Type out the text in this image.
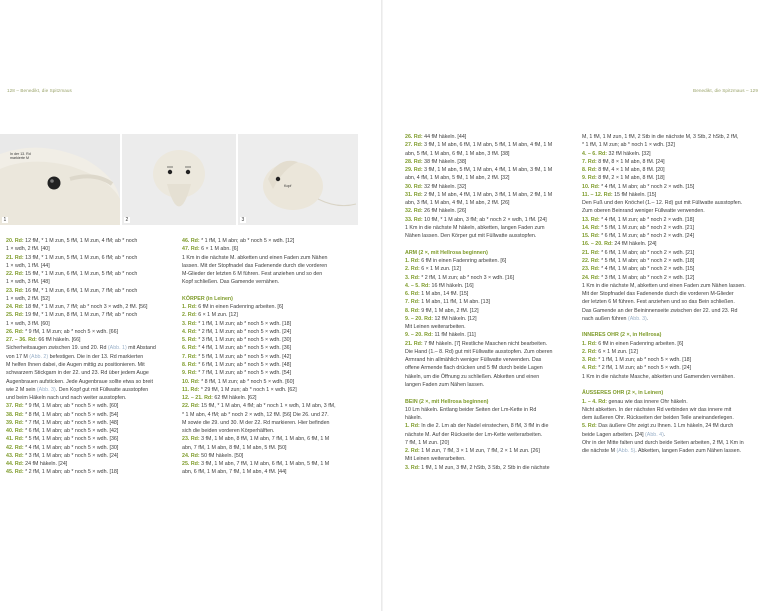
128 – Benedikt, die Spitzmaus
In der 13. Rd markierte M
1	2
Kopf
3

20. Rd: 12 fM, * 1 M zun, 5 fM, 1 M zun, 4 fM; ab * noch

1 × wdh, 2 fM. [40]

21. Rd: 13 fM, * 1 M zun, 5 fM, 1 M zun, 6 fM; ab * noch

1 × wdh, 1 fM. [44]

22. Rd: 15 fM, * 1 M zun, 6 fM, 1 M zun, 5 fM; ab * noch

1 × wdh, 3 fM. [48]

23. Rd: 16 fM, * 1 M zun, 6 fM, 1 M zun, 7 fM; ab * noch

1 × wdh, 2 fM. [52]

24. Rd: 18 fM, * 1 M zun, 7 fM; ab * noch 3 × wdh, 2 fM. [56]

25. Rd: 19 fM, * 1 M zun, 8 fM, 1 M zun, 7 fM; ab * noch

1 × wdh, 3 fM. [60]

26. Rd: * 9 fM, 1 M zun; ab * noch 5 × wdh. [66]

27. – 36. Rd: 66 fM häkeln. [66]

Sicherheitsaugen zwischen 19. und 20. Rd (Abb. 1) mit Abstand

von 17 M (Abb. 2) befestigen. Die in der 13. Rd markierten

M helfen Ihnen dabei, die Augen mittig zu positionieren. Mit

schwarzem Stickgarn in der 22. und 23. Rd über jedem Auge

Augenbrauen aufsticken. Jede Augenbraue sollte etwa so breit

wie 2 M sein (Abb. 3). Den Kopf gut mit Füllwatte ausstopfen

und beim Häkeln nach und nach weiter ausstopfen.

37. Rd: * 9 fM, 1 M abn; ab * noch 5 × wdh. [60]

38. Rd: * 8 fM, 1 M abn; ab * noch 5 × wdh. [54]

39. Rd: * 7 fM, 1 M abn; ab * noch 5 × wdh. [48]

40. Rd: * 6 fM, 1 M abn; ab * noch 5 × wdh. [42]

41. Rd: * 5 fM, 1 M abn; ab * noch 5 × wdh. [36]

42. Rd: * 4 fM, 1 M abn; ab * noch 5 × wdh. [30]

43. Rd: * 3 fM, 1 M abn; ab * noch 5 × wdh. [24]

44. Rd: 24 fM häkeln. [24]

45. Rd: * 2 fM, 1 M abn; ab * noch 5 × wdh. [18]

46. Rd: * 1 fM, 1 M abn; ab * noch 5 × wdh. [12]

47. Rd: 6 × 1 M abn. [6]

1 Km in die nächste M. abketten und einen Faden zum Nähen

lassen. Mit der Stopfnadel das Fadenende durch die vorderen

M-Glieder der letzten 6 M führen. Fest anziehen und so den

Kopf schließen. Das Gamende vernähen.

KÖRPER (in Leinen)

1. Rd: 6 fM in einen Fadenring arbeiten. [6]

2. Rd: 6 × 1 M zun. [12]

3. Rd: * 1 fM, 1 M zun; ab * noch 5 × wdh. [18]

4. Rd: * 2 fM, 1 M zun; ab * noch 5 × wdh. [24]

5. Rd: * 3 fM, 1 M zun; ab * noch 5 × wdh. [30]

6. Rd: * 4 fM, 1 M zun; ab * noch 5 × wdh. [36]

7. Rd: * 5 fM, 1 M zun; ab * noch 5 × wdh. [42]

8. Rd: * 6 fM, 1 M zun; ab * noch 5 × wdh. [48]

9. Rd: * 7 fM, 1 M zun; ab * noch 5 × wdh. [54]

10. Rd: * 8 fM, 1 M zun; ab * noch 5 × wdh. [60]

11. Rd: * 29 fM, 1 M zun; ab * noch 1 × wdh. [62]

12. – 21. Rd: 62 fM häkeln. [62]

22. Rd: 15 fM, * 1 M abn, 4 fM; ab * noch 1 × wdh, 1 M abn, 3 fM,

* 1 M abn, 4 fM; ab * noch 2 × wdh, 12 fM. [56] Die 26. und 27.

M sowie die 29. und 30. M der 22. Rd markieren. Hier befinden

sich die beiden vorderen Körperhälften.

23. Rd: 3 fM, 1 M abn, 8 fM, 1 M abn, 7 fM, 1 M abn, 6 fM, 1 M

abn, 7 fM, 1 M abn, 8 fM, 1 M abn, 5 fM. [50]

24. Rd: 50 fM häkeln. [50]

25. Rd: 3 fM, 1 M abn, 7 fM, 1 M abn, 6 fM, 1 M abn, 5 fM, 1 M

abn, 6 fM, 1 M abn, 7 fM, 1 M abn, 4 fM. [44]

Benedikt, die Spitzmaus – 129

26. Rd: 44 fM häkeln. [44]

27. Rd: 3 fM, 1 M abn, 6 fM, 1 M abn, 5 fM, 1 M abn, 4 fM, 1 M

abn, 5 fM, 1 M abn, 6 fM, 1 M abn, 3 fM. [38]

28. Rd: 38 fM häkeln. [38]

29. Rd: 3 fM, 1 M abn, 5 fM, 1 M abn, 4 fM, 1 M abn, 3 fM, 1 M

abn, 4 fM, 1 M abn, 5 fM, 1 M abn, 2 fM. [32]

30. Rd: 32 fM häkeln. [32]

31. Rd: 2 fM, 1 M abn, 4 fM, 1 M abn, 3 fM, 1 M abn, 2 fM, 1 M

abn, 3 fM, 1 M abn, 4 fM, 1 M abn, 2 fM. [26]

32. Rd: 26 fM häkeln. [26]

33. Rd: 10 fM, * 1 M abn, 3 fM; ab * noch 2 × wdh, 1 fM. [24]

1 Km in die nächste M häkeln, abketten, langen Faden zum

Nähen lassen. Den Körper gut mit Füllwatte ausstopfen.

ARM (2 ×, mit Hellrosa beginnen)

1. Rd: 6 fM in einen Fadenring arbeiten. [6]

2. Rd: 6 × 1 M zun. [12]

3. Rd: * 2 fM, 1 M zun; ab * noch 3 × wdh. [16]

4. – 5. Rd: 16 fM häkeln. [16]

6. Rd: 1 M abn, 14 fM. [15]

7. Rd: 1 M abn, 11 fM, 1 M abn. [13]

8. Rd: 9 fM, 1 M abn, 2 fM. [12]

9. – 20. Rd: 12 fM häkeln. [12]

Mit Leinen weiterarbeiten.

9. – 20. Rd: 11 fM häkeln. [11]

21. Rd: 7 fM häkeln. [7] Restliche Maschen nicht bearbeiten.

Die Hand (1.– 8. Rd) gut mit Füllwatte ausstopfen. Zum oberen

Armrand hin allmählich weniger Füllwatte verwenden. Das

offene Armende flach drücken und 5 fM durch beide Lagen

häkeln, um die Öffnung zu schließen. Abketten und einen

langen Faden zum Nähen lassen.

BEIN (2 ×, mit Hellrosa beginnen)

10 Lm häkeln. Entlang beider Seiten der Lm-Kette in Rd

häkeln.

1. Rd: In die 2. Lm ab der Nadel einstechen, 8 fM, 3 fM in die

nächste M. Auf der Rückseite der Lm-Kette weiterarbeiten.

7 fM, 1 M zun. [20]

2. Rd: 1 M zun, 7 fM, 3 × 1 M zun, 7 fM, 2 × 1 M zun. [26]

Mit Leinen weiterarbeiten.

3. Rd: 1 fM, 1 M zun, 3 fM, 2 hStb, 3 Stb, 2 Stb in die nächste

M, 1 fM, 1 M zun, 1 fM, 2 Stb in die nächste M, 3 Stb, 2 hStb, 2 fM,

* 1 fM, 1 M zun; ab * noch 1 × wdh. [32]

4. – 6. Rd: 32 fM häkeln. [32]

7. Rd: 8 fM, 8 × 1 M abn, 8 fM. [24]

8. Rd: 8 fM, 4 × 1 M abn, 8 fM. [20]

9. Rd: 8 fM, 2 × 1 M abn, 8 fM. [18]

10. Rd: * 4 fM, 1 M abn; ab * noch 2 × wdh. [15]

11. – 12. Rd: 15 fM häkeln. [15]

Den Fuß und den Knöchel (1.– 12. Rd) gut mit Füllwatte ausstopfen.

Zum oberen Beinrand weniger Füllwatte verwenden.

13. Rd: * 4 fM, 1 M zun; ab * noch 2 × wdh. [18]

14. Rd: * 5 fM, 1 M zun; ab * noch 2 × wdh. [21]

15. Rd: * 6 fM, 1 M zun; ab * noch 2 × wdh. [24]

16. – 20. Rd: 24 fM häkeln. [24]

21. Rd: * 6 fM, 1 M abn; ab * noch 2 × wdh. [21]

22. Rd: * 5 fM, 1 M abn; ab * noch 2 × wdh. [18]

23. Rd: * 4 fM, 1 M abn; ab * noch 2 × wdh. [15]

24. Rd: * 3 fM, 1 M abn; ab * noch 2 × wdh. [12]

1 Km in die nächste M, abketten und einen Faden zum Nähen lassen.

Mit der Stopfnadel das Fadenende durch die vorderen M-Glieder

der letzten 6 M führen. Fest anziehen und so das Bein schließen.

Das Gamende an der Beininnenseite zwischen der 22. und 23. Rd

nach außen führen (Abb. 3).

INNERES OHR (2 ×, in Hellrosa)

1. Rd: 6 fM in einen Fadenring arbeiten. [6]

2. Rd: 6 × 1 M zun. [12]

3. Rd: * 1 fM, 1 M zun; ab * noch 5 × wdh. [18]

4. Rd: * 2 fM, 1 M zun; ab * noch 5 × wdh. [24]

1 Km in die nächste Masche, abketten und Gamenden vernähen.

ÄUSSERES OHR (2 ×, in Leinen)

1. – 4. Rd: genau wie das innere Ohr häkeln.

Nicht abketten. In der nächsten Rd verbinden wir das innere mit

dem äußeren Ohr. Rückseiten der beiden Teile aneinanderlegen.

5. Rd: Das äußere Ohr zeigt zu Ihnen. 1 Lm häkeln, 24 fM durch

beide Lagen arbeiten. [24] (Abb. 4).

Ohr in der Mitte falten und durch beide Seiten arbeiten, 2 fM, 1 Km in

die nächste M (Abb. 5). Abketten, langen Faden zum Nähen lassen.
